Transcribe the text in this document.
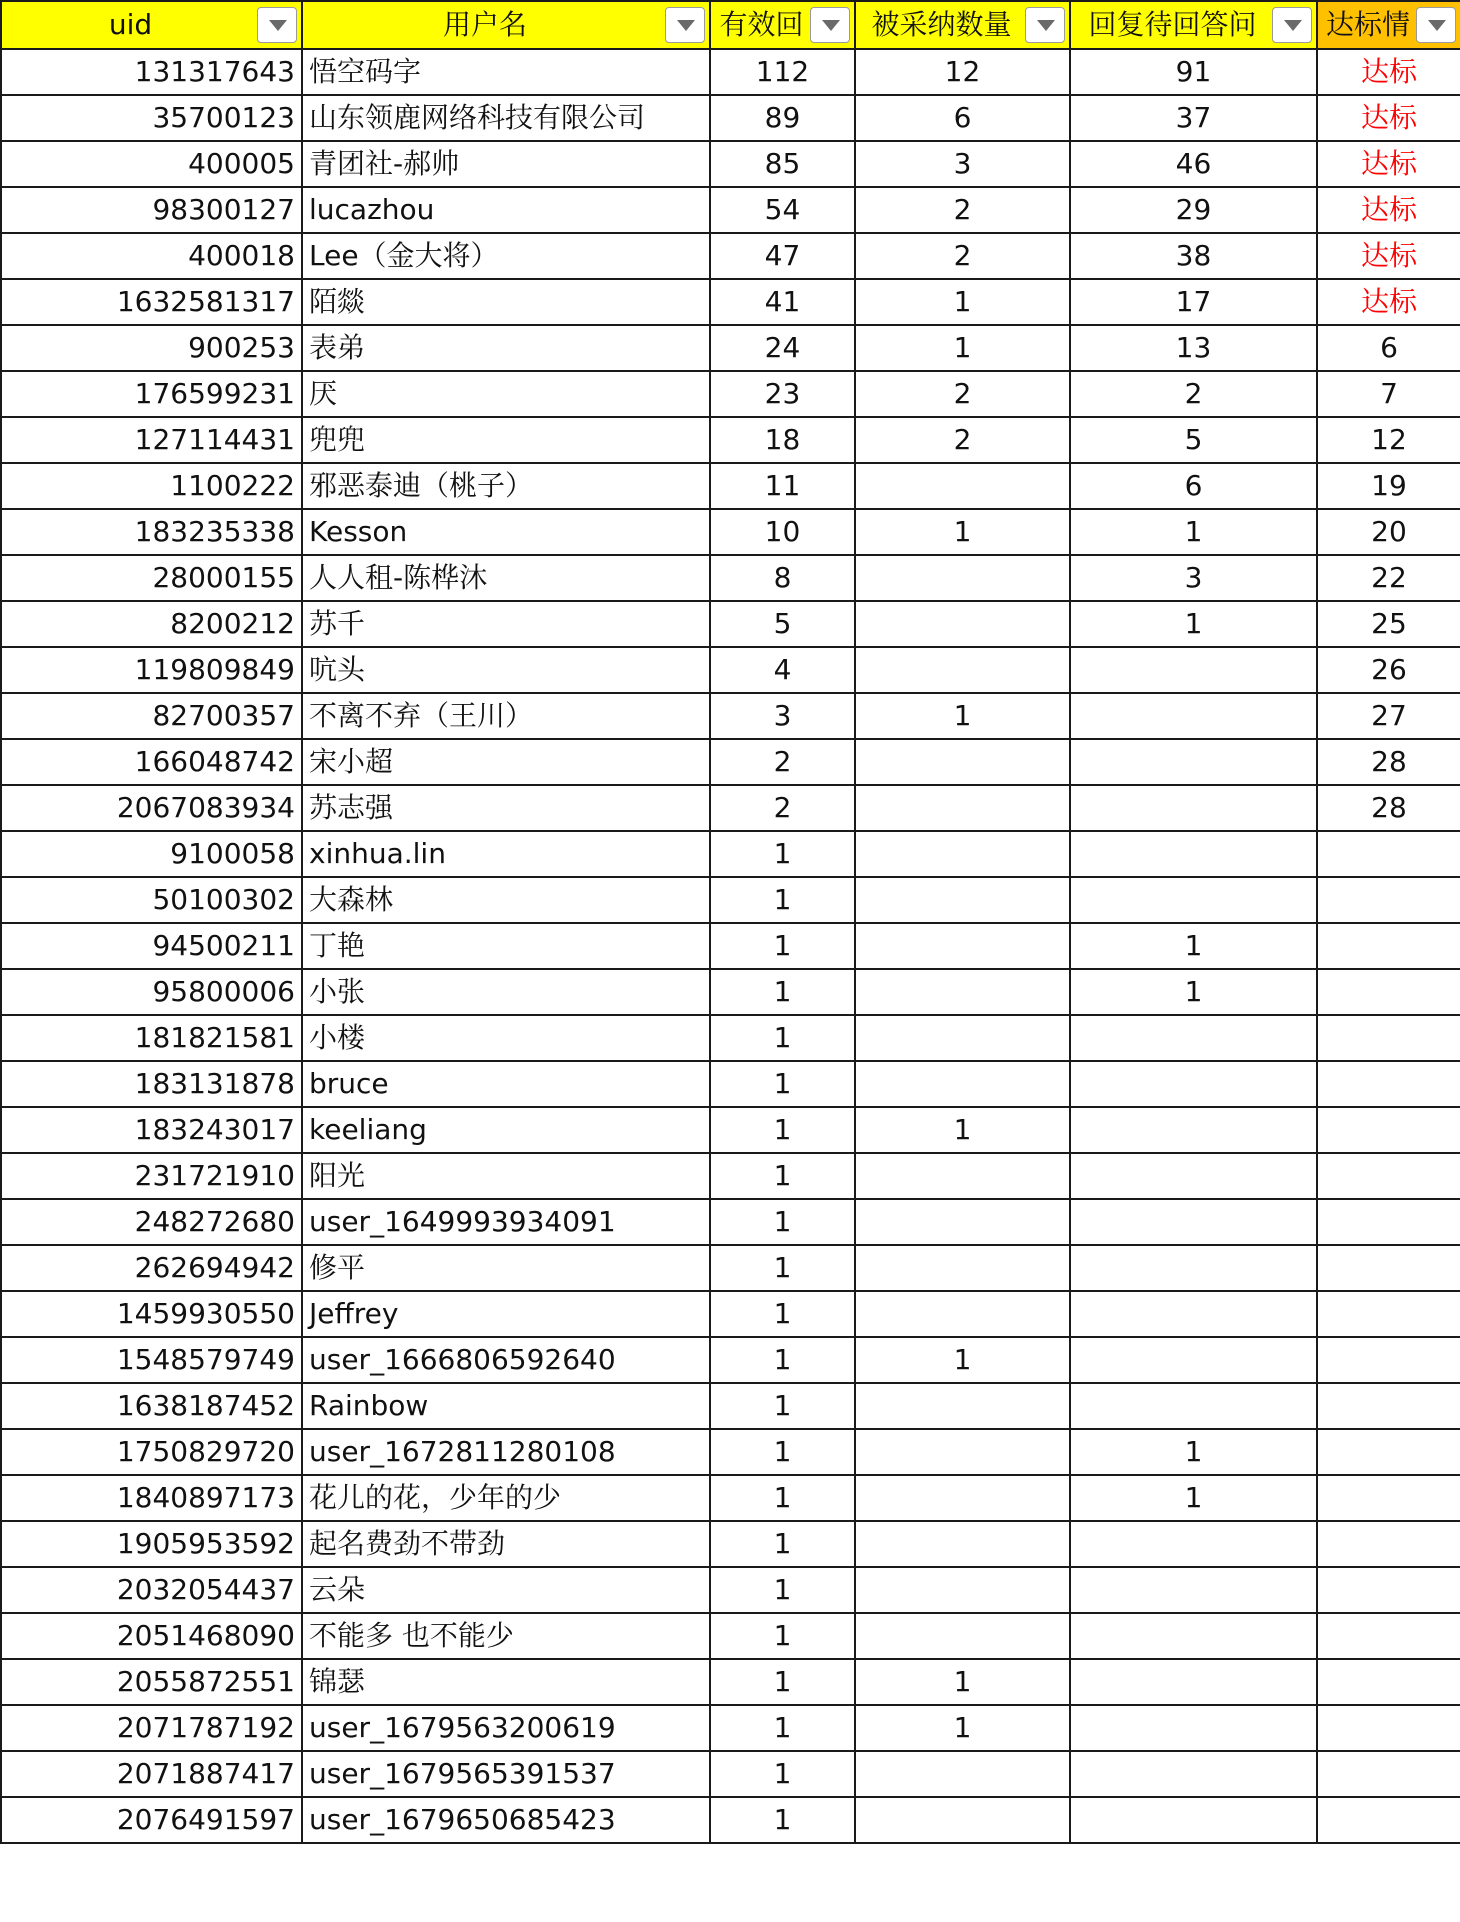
uid	用户名	有效回	被采纳数量	回复待回答问	达标情

131317643	悟空码字	112	12	91	达标
35700123	山东领鹿网络科技有限公司	89	6	37	达标
400005	青团社-郝帅	85	3	46	达标
98300127	lucazhou	54	2	29	达标
400018	Lee（金大将）	47	2	38	达标
1632581317	陌燚	41	1	17	达标
900253	表弟	24	1	13	6
176599231	厌	23	2	2	7
127114431	兜兜	18	2	5	12
1100222	邪恶泰迪（桃子）	11		6	19
183235338	Kesson	10	1	1	20
28000155	人人租-陈桦沐	8		3	22
8200212	苏千	5		1	25
119809849	吭头	4			26
82700357	不离不弃（王川）	3	1		27
166048742	宋小超	2			28
2067083934	苏志强	2			28
9100058	xinhua.lin	1			
50100302	大森林	1			
94500211	丁艳	1		1	
95800006	小张	1		1	
181821581	小楼	1			
183131878	bruce	1			
183243017	keeliang	1	1		
231721910	阳光	1			
248272680	user_1649993934091	1			
262694942	修平	1			
1459930550	Jeffrey	1			
1548579749	user_1666806592640	1	1		
1638187452	Rainbow	1			
1750829720	user_1672811280108	1		1	
1840897173	花儿的花，少年的少	1		1	
1905953592	起名费劲不带劲	1			
2032054437	云朵	1			
2051468090	不能多 也不能少	1			
2055872551	锦瑟	1	1		
2071787192	user_1679563200619	1	1		
2071887417	user_1679565391537	1			
2076491597	user_1679650685423	1			
